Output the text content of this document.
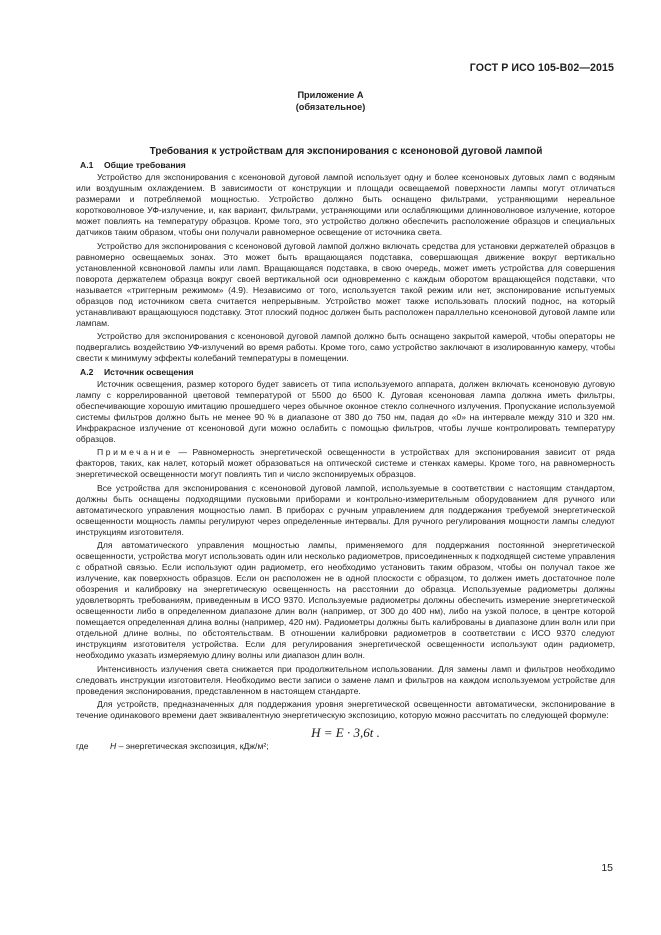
ГОСТ Р ИСО 105-В02—2015
Приложение А
(обязательное)
Требования к устройствам для экспонирования с ксеноновой дуговой лампой
А.1 Общие требования

Устройство для экспонирования с ксеноновой дуговой лампой использует одну и более ксеноновых дуговых ламп с водяным или воздушным охлаждением. В зависимости от конструкции и площади освещаемой поверхности лампы могут отличаться размерами и потребляемой мощностью. Устройство должно быть оснащено фильтрами, устраняющими нереальное коротковолновое УФ-излучение, и, как вариант, фильтрами, устраняющими или ослабляющими длинноволновое излучение, которое может повлиять на температуру образцов. Кроме того, это устройство должно обеспечить расположение образцов и специальных датчиков таким образом, чтобы они получали равномерное освещение от источника света.

Устройство для экспонирования с ксеноновой дуговой лампой должно включать средства для установки держателей образцов в равномерно освещаемых зонах. Это может быть вращающаяся подставка, совершающая движение вокруг вертикально установленной ксвноновой лампы или ламп. Вращающаяся подставка, в свою очередь, может иметь устройства для совершения поворота держателем образца вокруг своей вертикальной оси одновременно с каждым оборотом вращающейся подставки, что называется «триггерным режимом» (4.9). Независимо от того, используется такой режим или нет, экспонирование испытуемых образцов под источником света считается непрерывным. Устройство может также использовать плоский поднос, на который устанавливают вращающуюся подставку. Этот плоский поднос должен быть расположен параллельно ксеноновой дуговой лампе или лампам.

Устройство для экспонирования с ксеноновой дуговой лампой должно быть оснащено закрытой камерой, чтобы операторы не подвергались воздействию УФ-излучений во время работы. Кроме того, само устройство заключают в изолированную камеру, чтобы свести к минимуму эффекты колебаний температуры в помещении.

А.2 Источник освещения

Источник освещения, размер которого будет зависеть от типа используемого аппарата, должен включать ксеноновую дуговую лампу с коррелированной цветовой температурой от 5500 до 6500 К. Дуговая ксеноновая лампа должна иметь фильтры, обеспечивающие хорошую имитацию прошедшего через обычное оконное стекло солнечного излучения. Пропускание используемой системы фильтров должно быть не менее 90 % в диапазоне от 380 до 750 нм, падая до «0» на интервале между 310 и 320 нм. Инфракрасное излучение от ксеноновой дуги можно ослабить с помощью фильтров, чтобы лучше контролировать температуру образцов.

Примечание — Равномерность энергетической освещенности в устройствах для экспонирования зависит от ряда факторов, таких, как налет, который может образоваться на оптической системе и стенках камеры. Кроме того, на равномерность энергетической освещенности могут повлиять тип и число экспонируемых образцов.

Все устройства для экспонирования с ксеноновой дуговой лампой, используемые в соответствии с настоящим стандартом, должны быть оснащены подходящими пусковыми приборами и контрольно-измерительным оборудованием для ручного или автоматического управления мощностью ламп. В приборах с ручным управлением для поддержания требуемой энергетической освещенности мощность лампы регулируют через определенные интервалы. Для ручного регулирования мощности лампы следуют инструкциям изготовителя.

Для автоматического управления мощностью лампы, применяемого для поддержания постоянной энергетической освещенности, устройства могут использовать один или несколько радиометров, присоединенных к подходящей системе управления с обратной связью. Если используют один радиометр, его необходимо установить таким образом, чтобы он получал такое же излучение, как поверхность образцов. Если он расположен не в одной плоскости с образцом, то должен иметь достаточное поле обозрения и калибровку на энергетическую освещенность на расстоянии до образца. Используемые радиометры должны удовлетворять требованиям, приведенным в ИСО 9370. Используемые радиометры должны обеспечить измерение энергетической освещенности либо в определенном диапазоне длин волн (например, от 300 до 400 нм), либо на узкой полосе, в центре которой помещается определенная длина волны (например, 420 нм). Радиометры должны быть калиброваны в диапазоне длин волн или при отдельной длине волны, по обстоятельствам. В отношении калибровки радиометров в соответствии с ИСО 9370 следуют инструкциям изготовителя устройства. Если для регулирования энергетической освещенности используют один радиометр, необходимо указать измеряемую длину волны или диапазон длин волн.

Интенсивность излучения света снижается при продолжительном использовании. Для замены ламп и фильтров необходимо следовать инструкции изготовителя. Необходимо вести записи о замене ламп и фильтров на каждом используемом устройстве для проведения экспонирования, представленном в настоящем стандарте.

Для устройств, предназначенных для поддержания уровня энергетической освещенности автоматически, экспонирование в течение одинакового времени дает эквивалентную энергетическую экспозицию, которую можно рассчитать по следующей формуле:

H = E · 3,6t .
где H – энергетическая экспозиция, кДж/м²;
15
